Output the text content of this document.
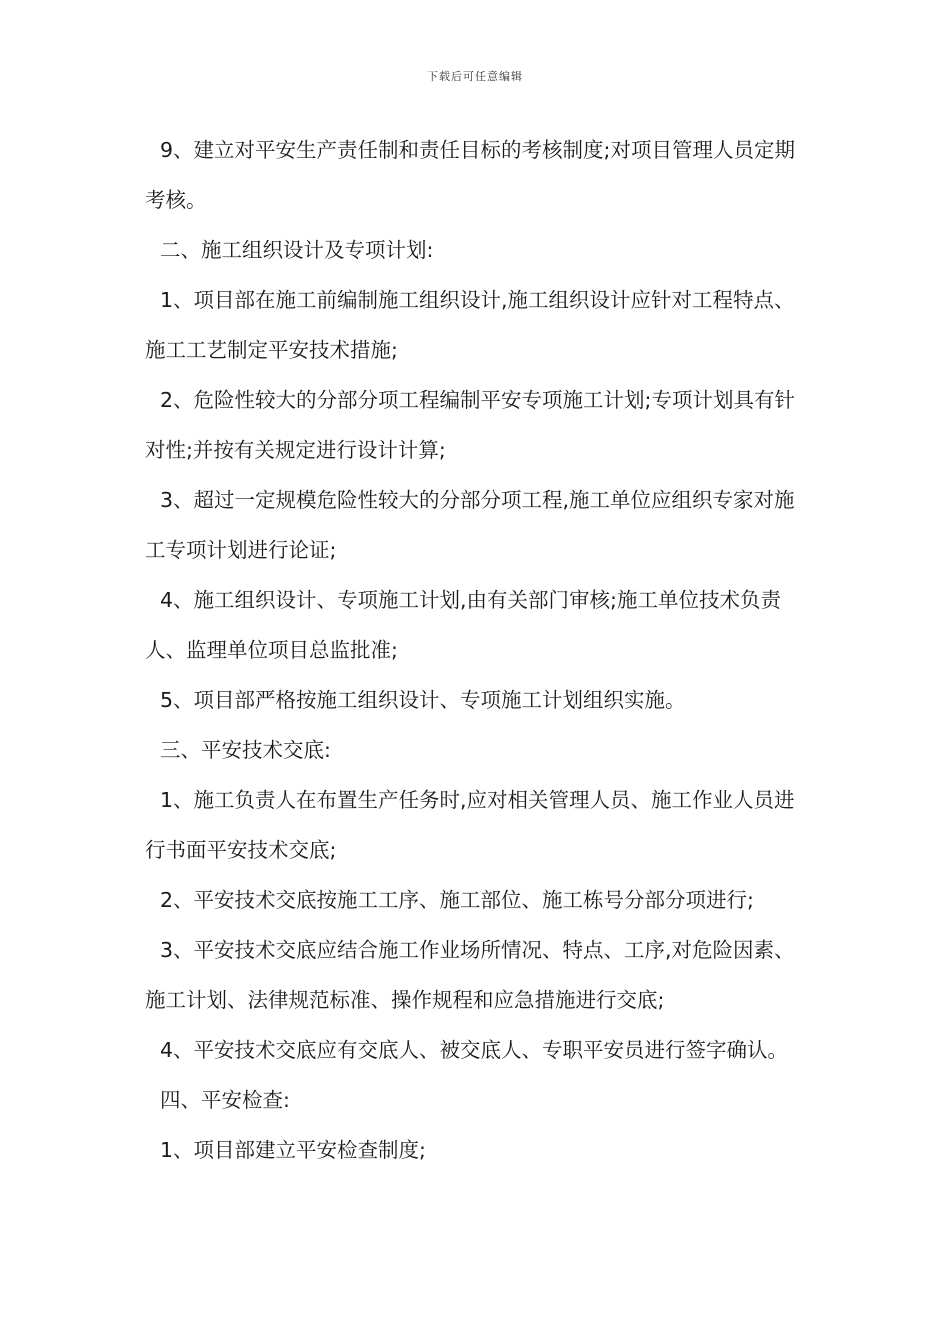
下载后可任意编辑

9、建立对平安生产责任制和责任目标的考核制度;对项目管理人员定期考核。

二、施工组织设计及专项计划:

1、项目部在施工前编制施工组织设计,施工组织设计应针对工程特点、施工工艺制定平安技术措施;

2、危险性较大的分部分项工程编制平安专项施工计划;专项计划具有针对性;并按有关规定进行设计计算;

3、超过一定规模危险性较大的分部分项工程,施工单位应组织专家对施工专项计划进行论证;

4、施工组织设计、专项施工计划,由有关部门审核;施工单位技术负责人、监理单位项目总监批准;

5、项目部严格按施工组织设计、专项施工计划组织实施。

三、平安技术交底:

1、施工负责人在布置生产任务时,应对相关管理人员、施工作业人员进行书面平安技术交底;

2、平安技术交底按施工工序、施工部位、施工栋号分部分项进行;

3、平安技术交底应结合施工作业场所情况、特点、工序,对危险因素、施工计划、法律规范标准、操作规程和应急措施进行交底;

4、平安技术交底应有交底人、被交底人、专职平安员进行签字确认。

四、平安检查:

1、项目部建立平安检查制度;
